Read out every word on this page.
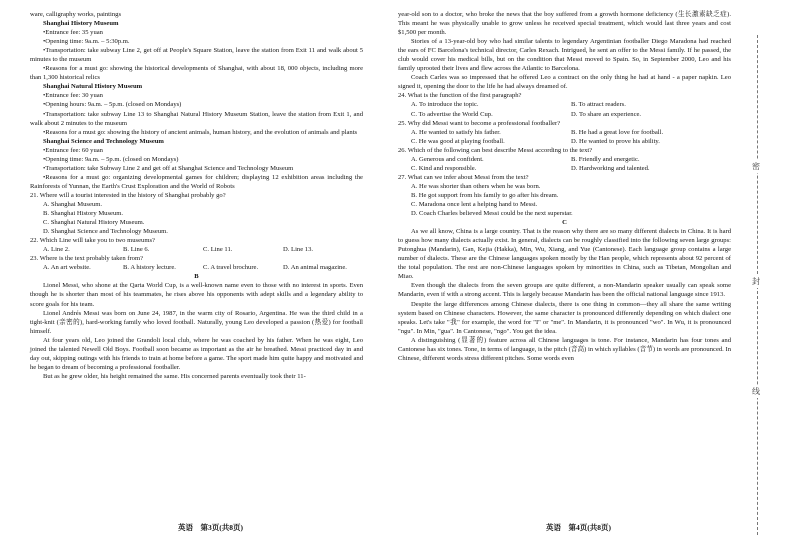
ware, calligraphy works, paintings

Shanghai History Museum

•Entrance fee: 35 yuan

•Opening time: 9a.m. – 5:30p.m.

•Transportation: take subway Line 2, get off at People's Square Station, leave the station from Exit 11 and walk about 5 minutes to the museum

•Reasons for a must go: showing the historical developments of Shanghai, with about 18, 000 objects, including more than 1,300 historical relics

Shanghai Natural History Museum

•Entrance fee: 30 yuan

•Opening hours: 9a.m. – 5p.m. (closed on Mondays)

•Transportation: take subway Line 13 to Shanghai Natural History Museum Station, leave the station from Exit 1, and walk about 2 minutes to the museum

•Reasons for a must go: showing the history of ancient animals, human history, and the evolution of animals and plants

Shanghai Science and Technology Museum

•Entrance fee: 60 yuan

•Opening time: 9a.m. – 5p.m. (closed on Mondays)

•Transportation: take Subway Line 2 and get off at Shanghai Science and Technology Museum

•Reasons for a must go: organizing developmental games for children; displaying 12 exhibition areas including the Rainforests of Yunnan, the Earth's Crust Exploration and the World of Robots

21. Where will a tourist interested in the history of Shanghai probably go?

A. Shanghai Museum.

B. Shanghai History Museum.

C. Shanghai Natural History Museum.

D. Shanghai Science and Technology Museum.

22. Which Line will take you to two museums?

A. Line 2.	B. Line 6.	C. Line 11.	D. Line 13.

23. Where is the text probably taken from?

A. An art website.	B. A history lecture.	C. A travel brochure.	D. An animal magazine.

B

Lionel Messi, who shone at the Qarta World Cup, is a well-known name even to those with no interest in sports. Even though he is shorter than most of his teammates, he rises above his opponents with adept skills and a legendary ability to score goals for his team.

Lionel Andrés Messi was born on June 24, 1987, in the warm city of Rosario, Argentina. He was the third child in a tight-knit (亲密的), hard-working family who loved football. Naturally, young Leo developed a passion (热爱) for football himself.

At four years old, Leo joined the Grandoli local club, where he was coached by his father. When he was eight, Leo joined the talented Newell Old Boys. Football soon became as important as the air he breathed. Messi practiced day in and day out, skipping outings with his friends to train at home before a game. The sport made him quite happy and motivated and he began to dream of becoming a professional footballer.

But as he grew older, his height remained the same. His concerned parents eventually took their 11-

year-old son to a doctor, who broke the news that the boy suffered from a growth hormone deficiency (生长激素缺乏症). This meant he was physically unable to grow unless he received special treatment, which would last three years and cost $1,500 per month.

Stories of a 13-year-old boy who had similar talents to legendary Argentinian footballer Diego Maradona had reached the ears of FC Barcelona's technical director, Carles Rexach. Intrigued, he sent an offer to the Messi family. If he passed, the club would cover his medical bills, but on the condition that Messi moved to Spain. So, in September 2000, Leo and his family uprooted their lives and flew across the Atlantic to Barcelona.

Coach Carles was so impressed that he offered Leo a contract on the only thing he had at hand - a paper napkin. Leo signed it, opening the door to the life he had always dreamed of.

24. What is the function of the first paragraph?

A. To introduce the topic.	B. To attract readers.
C. To advertise the World Cup.	D. To share an experience.

25. Why did Messi want to become a professional footballer?

A. He wanted to satisfy his father.	B. He had a great love for football.
C. He was good at playing football.	D. He wanted to prove his ability.

26. Which of the following can best describe Messi according to the text?

A. Generous and confident.	B. Friendly and energetic.
C. Kind and responsible.	D. Hardworking and talented.

27. What can we infer about Messi from the text?

A. He was shorter than others when he was born.

B. He got support from his family to go after his dream.

C. Maradona once lent a helping hand to Messi.

D. Coach Charles believed Messi could be the next superstar.

C

As we all know, China is a large country. That is the reason why there are so many different dialects in China. It is hard to guess how many dialects actually exist. In general, dialects can be roughly classified into the following seven large groups: Putonghua (Mandarin), Gan, Kejia (Hakka), Min, Wu, Xiang, and Yue (Cantonese). Each language group contains a large number of dialects. These are the Chinese languages spoken mostly by the Han people, which represents about 92 percent of the total population. The rest are non-Chinese languages spoken by minorities in China, such as Tibetan, Mongolian and Miao.

Even though the dialects from the seven groups are quite different, a non-Mandarin speaker usually can speak some Mandarin, even if with a strong accent. This is largely because Mandarin has been the official national language since 1913.

Despite the large differences among Chinese dialects, there is one thing in common—they all share the same writing system based on Chinese characters. However, the same character is pronounced differently depending on which dialect one speaks. Let's take "我" for example, the word for "I" or "me". In Mandarin, it is pronounced "wo". In Wu, it is pronounced "ngu". In Min, "gua". In Cantonese, "ngo". You get the idea.

A distinguishing (显著的) feature across all Chinese languages is tone. For instance, Mandarin has four tones and Cantonese has six tones. Tone, in terms of language, is the pitch (音高) in which syllables (音节) in words are pronounced. In Chinese, different words stress different pitches. Some words even

密
封
线
英语　第3页(共8页)	英语　第4页(共8页)
